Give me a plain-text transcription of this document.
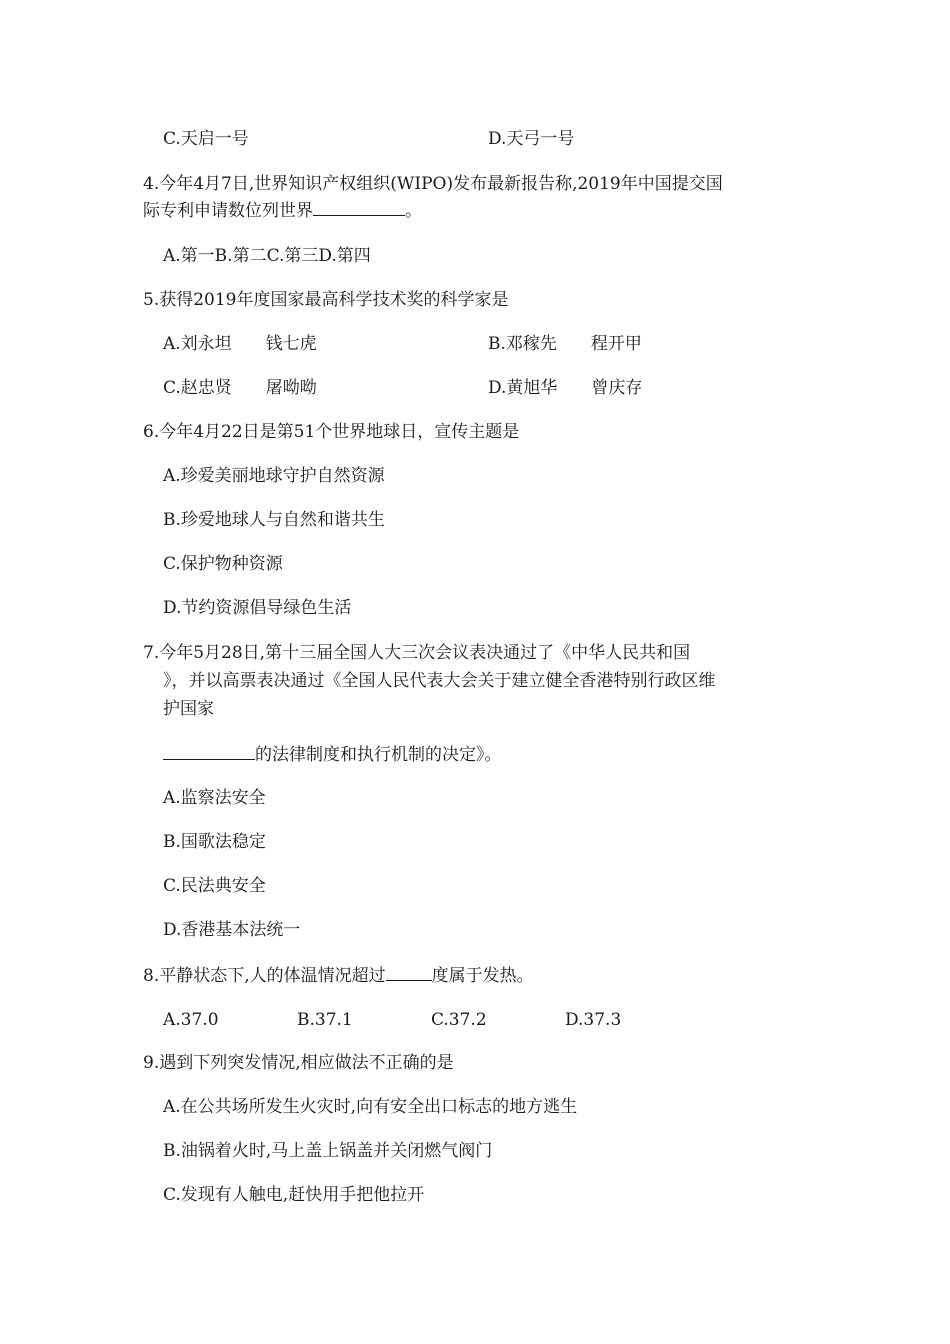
C.天启一号	D.天弓一号
4.今年4月7日,世界知识产权组织(WIPO)发布最新报告称,2019年中国提交国
际专利申请数位列世界	。
A.第一B.第二C.第三D.第四
5.获得2019年度国家最高科学技术奖的科学家是
A.刘永坦　　钱七虎	B.邓稼先　　程开甲
C.赵忠贤　　屠呦呦	D.黄旭华　　曾庆存
6.今年4月22日是第51个世界地球日，宣传主题是
A.珍爱美丽地球守护自然资源
B.珍爱地球人与自然和谐共生
C.保护物种资源
D.节约资源倡导绿色生活
7.今年5月28日,第十三届全国人大三次会议表决通过了《中华人民共和国
》，并以高票表决通过《全国人民代表大会关于建立健全香港特别行政区维
护国家
的法律制度和执行机制的决定》。
A.监察法安全
B.国歌法稳定
C.民法典安全
D.香港基本法统一
8.平静状态下,人的体温情况超过	度属于发热。
A.37.0	B.37.1	C.37.2	D.37.3
9.遇到下列突发情况,相应做法不正确的是
A.在公共场所发生火灾时,向有安全出口标志的地方逃生
B.油锅着火时,马上盖上锅盖并关闭燃气阀门
C.发现有人触电,赶快用手把他拉开
